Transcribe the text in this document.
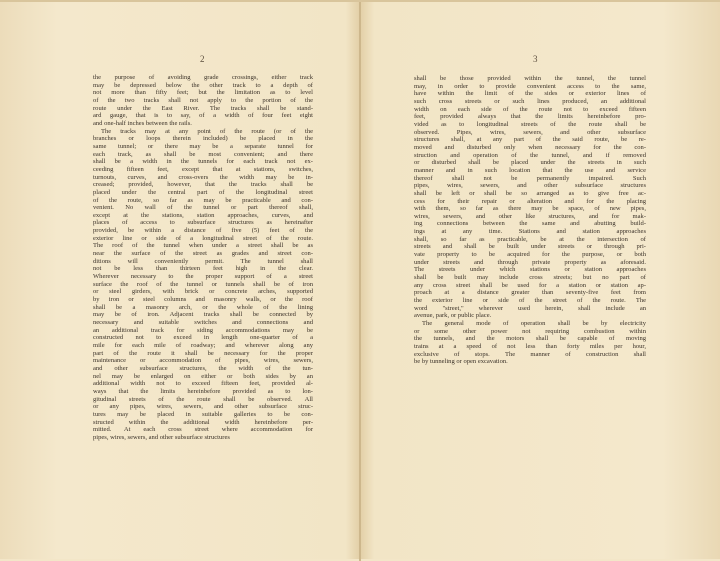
2
the purpose of avoiding grade crossings, either track
may be depressed below the other track to a depth of
not more than fifty feet; but the limitation as to level
of the two tracks shall not apply to the portion of the
route under the East River. The tracks shall be stand-
ard gauge, that is to say, of a width of four feet eight
and one-half inches between the rails.
The tracks may at any point of the route (or of the
branches or loops therein included) be placed in the
same tunnel; or there may be a separate tunnel for
each track, as shall be most convenient; and there
shall be a width in the tunnels for each track not ex-
ceeding fifteen feet, except that at stations, switches,
turnouts, curves, and cross-overs the width may be in-
creased; provided, however, that the tracks shall be
placed under the central part of the longitudinal street
of the route, so far as may be practicable and con-
venient. No wall of the tunnel or part thereof shall,
except at the stations, station approaches, curves, and
places of access to subsurface structures as hereinafter
provided, be within a distance of five (5) feet of the
exterior line or side of a longitudinal street of the route.
The roof of the tunnel when under a street shall be as
near the surface of the street as grades and street con-
ditions will conveniently permit. The tunnel shall
not be less than thirteen feet high in the clear.
Wherever necessary to the proper support of a street
surface the roof of the tunnel or tunnels shall be of iron
or steel girders, with brick or concrete arches, supported
by iron or steel columns and masonry walls, or the roof
shall be a masonry arch, or the whole of the lining
may be of iron. Adjacent tracks shall be connected by
necessary and suitable switches and connections and
an additional track for siding accommodations may be
constructed not to exceed in length one-quarter of a
mile for each mile of roadway; and wherever along any
part of the route it shall be necessary for the proper
maintenance or accommodation of pipes, wires, sewers,
and other subsurface structures, the width of the tun-
nel may be enlarged on either or both sides by an
additional width not to exceed fifteen feet, provided al-
ways that the limits hereinbefore provided as to lon-
gitudinal streets of the route shall be observed. All
or any pipes, wires, sewers, and other subsurface struc-
tures may be placed in suitable galleries to be con-
structed within the additional width hereinbefore per-
mitted. At each cross street where accommodation for
pipes, wires, sewers, and other subsurface structures
3
shall be those provided within the tunnel, the tunnel
may, in order to provide convenient access to the same,
have within the limit of the sides or exterior lines of
such cross streets or such lines produced, an additional
width on each side of the route not to exceed fifteen
feet, provided always that the limits hereinbefore pro-
vided as to longitudinal streets of the route shall be
observed. Pipes, wires, sewers, and other subsurface
structures shall, at any part of the said route, be re-
moved and disturbed only when necessary for the con-
struction and operation of the tunnel, and if removed
or disturbed shall be placed under the streets in such
manner and in such location that the use and service
thereof shall not be permanently impaired. Such
pipes, wires, sewers, and other subsurface structures
shall be left or shall be so arranged as to give free ac-
cess for their repair or alteration and for the placing
with them, so far as there may be space, of new pipes,
wires, sewers, and other like structures, and for mak-
ing connections between the same and abutting build-
ings at any time. Stations and station approaches
shall, so far as practicable, be at the intersection of
streets and shall be built under streets or through pri-
vate property to be acquired for the purpose, or both
under streets and through private property as aforesaid.
The streets under which stations or station approaches
shall be built may include cross streets; but no part of
any cross street shall be used for a station or station ap-
proach at a distance greater than seventy-five feet from
the exterior line or side of the street of the route. The
word "street," wherever used herein, shall include an
avenue, park, or public place.
The general mode of operation shall be by electricity
or some other power not requiring combustion within
the tunnels, and the motors shall be capable of moving
trains at a speed of not less than forty miles per hour,
exclusive of stops. The manner of construction shall
be by tunneling or open excavation.
